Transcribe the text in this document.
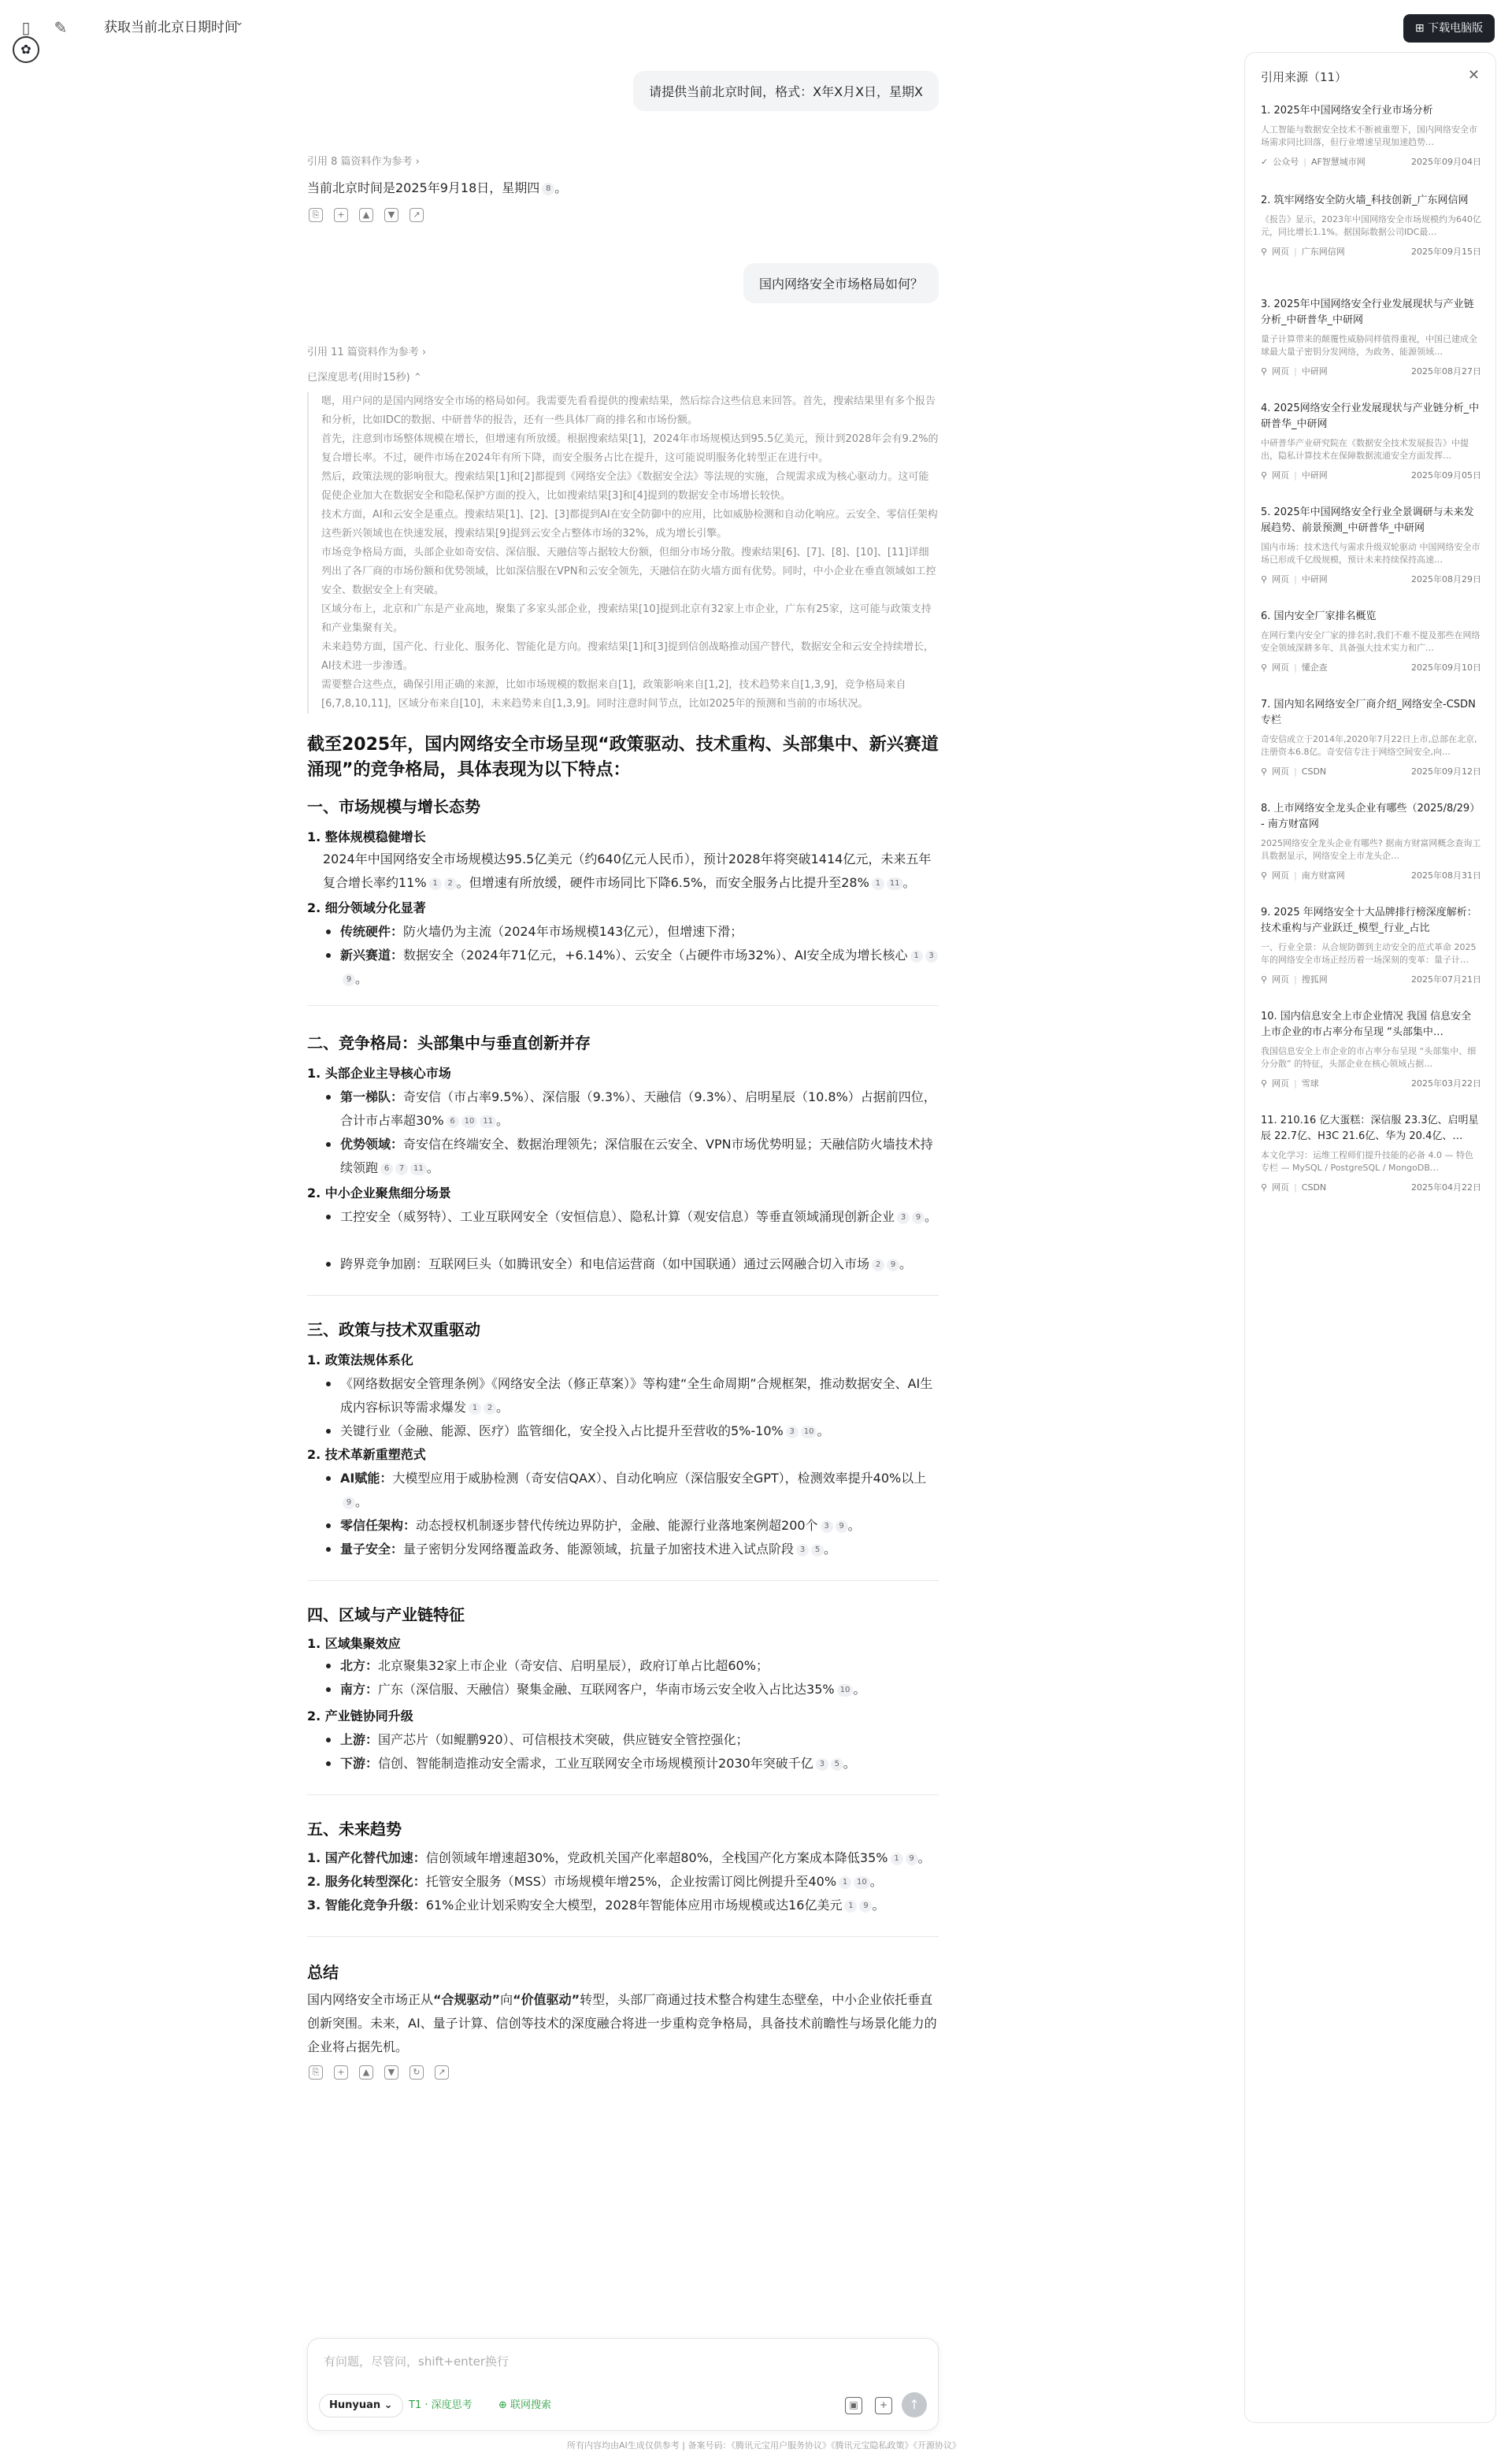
▯	✎	获取当前北京日期时间
⌄
✿
⊞ 下载电脑版
请提供当前北京时间，格式：X年X月X日，星期X
引用 8 篇资料作为参考 ›
当前北京时间是2025年9月18日，星期四 8 。
⎘	+	▲	▼	↗
国内网络安全市场格局如何？
引用 11 篇资料作为参考 ›
已深度思考(用时15秒) ⌃

嗯，用户问的是国内网络安全市场的格局如何。我需要先看看提供的搜索结果，然后综合这些信息来回答。首先，搜索结果里有多个报告和分析，比如IDC的数据、中研普华的报告，还有一些具体厂商的排名和市场份额。

首先，注意到市场整体规模在增长，但增速有所放缓。根据搜索结果[1]，2024年市场规模达到95.5亿美元，预计到2028年会有9.2%的复合增长率。不过，硬件市场在2024年有所下降，而安全服务占比在提升，这可能说明服务化转型正在进行中。

然后，政策法规的影响很大。搜索结果[1]和[2]都提到《网络安全法》《数据安全法》等法规的实施，合规需求成为核心驱动力。这可能促使企业加大在数据安全和隐私保护方面的投入，比如搜索结果[3]和[4]提到的数据安全市场增长较快。

技术方面，AI和云安全是重点。搜索结果[1]、[2]、[3]都提到AI在安全防御中的应用，比如威胁检测和自动化响应。云安全、零信任架构这些新兴领域也在快速发展，搜索结果[9]提到云安全占整体市场的32%，成为增长引擎。

市场竞争格局方面，头部企业如奇安信、深信服、天融信等占据较大份额，但细分市场分散。搜索结果[6]、[7]、[8]、[10]、[11]详细列出了各厂商的市场份额和优势领域，比如深信服在VPN和云安全领先，天融信在防火墙方面有优势。同时，中小企业在垂直领域如工控安全、数据安全上有突破。

区域分布上，北京和广东是产业高地，聚集了多家头部企业，搜索结果[10]提到北京有32家上市企业，广东有25家，这可能与政策支持和产业集聚有关。

未来趋势方面，国产化、行业化、服务化、智能化是方向。搜索结果[1]和[3]提到信创战略推动国产替代，数据安全和云安全持续增长，AI技术进一步渗透。

需要整合这些点，确保引用正确的来源，比如市场规模的数据来自[1]，政策影响来自[1,2]，技术趋势来自[1,3,9]，竞争格局来自[6,7,8,10,11]，区域分布来自[10]，未来趋势来自[1,3,9]。同时注意时间节点，比如2025年的预测和当前的市场状况。

截至2025年，国内网络安全市场呈现“政策驱动、技术重构、头部集中、新兴赛道涌现”的竞争格局，具体表现为以下特点：
一、市场规模与增长态势
1. 整体规模稳健增长
2024年中国网络安全市场规模达95.5亿美元（约640亿元人民币），预计2028年将突破1414亿元，未来五年复合增长率约11% 1 2 。但增速有所放缓，硬件市场同比下降6.5%，而安全服务占比提升至28% 1 11 。
2. 细分领域分化显著
传统硬件：防火墙仍为主流（2024年市场规模143亿元），但增速下滑；
新兴赛道：数据安全（2024年71亿元，+6.14%）、云安全（占硬件市场32%）、AI安全成为增长核心 1 39 。
二、竞争格局：头部集中与垂直创新并存
1. 头部企业主导核心市场
第一梯队：奇安信（市占率9.5%）、深信服（9.3%）、天融信（9.3%）、启明星辰（10.8%）占据前四位，合计市占率超30% 6 10 11 。
优势领域：奇安信在终端安全、数据治理领先；深信服在云安全、VPN市场优势明显；天融信防火墙技术持续领跑 6 7 11 。
2. 中小企业聚焦细分场景
工控安全（威努特）、工业互联网安全（安恒信息）、隐私计算（观安信息）等垂直领域涌现创新企业 3 9 。
跨界竞争加剧：互联网巨头（如腾讯安全）和电信运营商（如中国联通）通过云网融合切入市场 2 9 。
三、政策与技术双重驱动
1. 政策法规体系化
《网络数据安全管理条例》《网络安全法（修正草案）》等构建“全生命周期”合规框架，推动数据安全、AI生成内容标识等需求爆发 1 2 。
关键行业（金融、能源、医疗）监管细化，安全投入占比提升至营收的5%-10% 3 10 。
2. 技术革新重塑范式
AI赋能：大模型应用于威胁检测（奇安信QAX）、自动化响应（深信服安全GPT），检测效率提升40%以上9 。
零信任架构：动态授权机制逐步替代传统边界防护，金融、能源行业落地案例超200个 3 9 。
量子安全：量子密钥分发网络覆盖政务、能源领域，抗量子加密技术进入试点阶段 3 5 。
四、区域与产业链特征
1. 区域集聚效应
北方：北京聚集32家上市企业（奇安信、启明星辰），政府订单占比超60%；
南方：广东（深信服、天融信）聚集金融、互联网客户，华南市场云安全收入占比达35% 10 。
2. 产业链协同升级
上游：国产芯片（如鲲鹏920）、可信根技术突破，供应链安全管控强化；
下游：信创、智能制造推动安全需求，工业互联网安全市场规模预计2030年突破千亿 3 5 。
五、未来趋势
1. 国产化替代加速：信创领域年增速超30%，党政机关国产化率超80%，全栈国产化方案成本降低35% 1 9 。
2. 服务化转型深化：托管安全服务（MSS）市场规模年增25%，企业按需订阅比例提升至40% 1 10 。
3. 智能化竞争升级：61%企业计划采购安全大模型，2028年智能体应用市场规模或达16亿美元 1 9 。
总结
国内网络安全市场正从“合规驱动”向“价值驱动”转型，头部厂商通过技术整合构建生态壁垒，中小企业依托垂直创新突围。未来，AI、量子计算、信创等技术的深度融合将进一步重构竞争格局，具备技术前瞻性与场景化能力的企业将占据先机。
⎘	+	▲	▼	↻	↗
有问题，尽管问，shift+enter换行
Hunyuan ⌄	T1 · 深度思考	⊕ 联网搜索	▣	+	↑
所有内容均由AI生成仅供参考 | 备案号码：《腾讯元宝用户服务协议》《腾讯元宝隐私政策》《开源协议》
引用来源（11）	✕
1. 2025年中国网络安全行业市场分析
人工智能与数据安全技术不断被重塑下，国内网络安全市场需求同比回落，但行业增速呈现加速趋势…
✓ 公众号 | AF智慧城市网	2025年09月04日
2. 筑牢网络安全防火墙_科技创新_广东网信网
《报告》显示，2023年中国网络安全市场规模约为640亿元，同比增长1.1%。据国际数据公司IDC最…
⚲ 网页 | 广东网信网	2025年09月15日
3. 2025年中国网络安全行业发展现状与产业链分析_中研普华_中研网
量子计算带来的颠覆性威胁同样值得重视，中国已建成全球最大量子密钥分发网络，为政务、能源领域…
⚲ 网页 | 中研网	2025年08月27日
4. 2025网络安全行业发展现状与产业链分析_中研普华_中研网
中研普华产业研究院在《数据安全技术发展报告》中提出，隐私计算技术在保障数据流通安全方面发挥…
⚲ 网页 | 中研网	2025年09月05日
5. 2025年中国网络安全行业全景调研与未来发展趋势、前景预测_中研普华_中研网
国内市场：技术迭代与需求升级双轮驱动 中国网络安全市场已形成千亿级规模，预计未来持续保持高速…
⚲ 网页 | 中研网	2025年08月29日
6. 国内安全厂家排名概览
在网行業内安全厂家的排名时,我们不难不提及那些在网络安全领域深耕多年、具备强大技术实力和广…
⚲ 网页 | 懂企查	2025年09月10日
7. 国内知名网络安全厂商介绍_网络安全-CSDN专栏
奇安信成立于2014年,2020年7月22日上市,总部在北京,注册资本6.8亿。奇安信专注于网络空间安全,向…
⚲ 网页 | CSDN	2025年09月12日
8. 上市网络安全龙头企业有哪些（2025/8/29） - 南方财富网
2025网络安全龙头企业有哪些? 据南方财富网概念查询工具数据显示，网络安全上市龙头企…
⚲ 网页 | 南方财富网	2025年08月31日
9. 2025 年网络安全十大品牌排行榜深度解析：技术重构与产业跃迁_模型_行业_占比
一、行业全景：从合规防御到主动安全的范式革命 2025年的网络安全市场正经历着一场深刻的变革：量子计…
⚲ 网页 | 搜狐网	2025年07月21日
10. 国内信息安全上市企业情况 我国 信息安全 上市企业的市占率分布呈现 “头部集中…
我国信息安全上市企业的市占率分布呈现 “头部集中、细分分散” 的特征，头部企业在核心领域占据…
⚲ 网页 | 雪球	2025年03月22日
11. 210.16 亿大蛋糕：深信服 23.3亿、启明星辰 22.7亿、H3C 21.6亿、华为 20.4亿、…
本文化学习：运维工程师们提升技能的必备 4.0 — 特色专栏 — MySQL / PostgreSQL / MongoDB…
⚲ 网页 | CSDN	2025年04月22日
